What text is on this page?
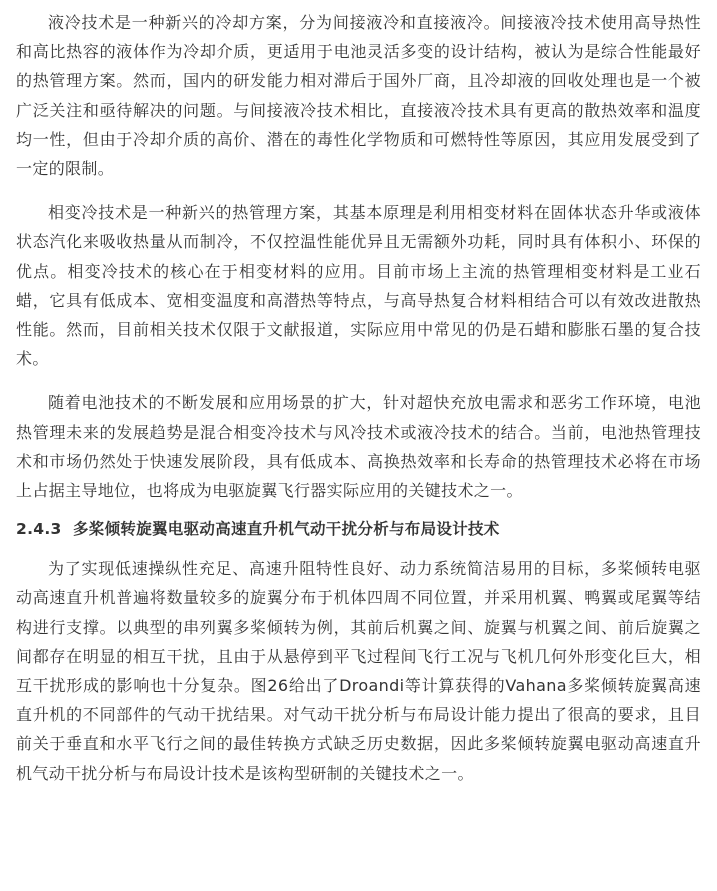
液冷技术是一种新兴的冷却方案，分为间接液冷和直接液冷。间接液冷技术使用高导热性和高比热容的液体作为冷却介质，更适用于电池灵活多变的设计结构，被认为是综合性能最好的热管理方案。然而，国内的研发能力相对滞后于国外厂商，且冷却液的回收处理也是一个被广泛关注和亟待解决的问题。与间接液冷技术相比，直接液冷技术具有更高的散热效率和温度均一性，但由于冷却介质的高价、潜在的毒性化学物质和可燃特性等原因，其应用发展受到了一定的限制。

相变冷技术是一种新兴的热管理方案，其基本原理是利用相变材料在固体状态升华或液体状态汽化来吸收热量从而制冷，不仅控温性能优异且无需额外功耗，同时具有体积小、环保的优点。相变冷技术的核心在于相变材料的应用。目前市场上主流的热管理相变材料是工业石蜡，它具有低成本、宽相变温度和高潜热等特点，与高导热复合材料相结合可以有效改进散热性能。然而，目前相关技术仅限于文献报道，实际应用中常见的仍是石蜡和膨胀石墨的复合技术。

随着电池技术的不断发展和应用场景的扩大，针对超快充放电需求和恶劣工作环境，电池热管理未来的发展趋势是混合相变冷技术与风冷技术或液冷技术的结合。当前，电池热管理技术和市场仍然处于快速发展阶段，具有低成本、高换热效率和长寿命的热管理技术必将在市场上占据主导地位，也将成为电驱旋翼飞行器实际应用的关键技术之一。

2.4.3 多桨倾转旋翼电驱动高速直升机气动干扰分析与布局设计技术

为了实现低速操纵性充足、高速升阻特性良好、动力系统简洁易用的目标，多桨倾转电驱动高速直升机普遍将数量较多的旋翼分布于机体四周不同位置，并采用机翼、鸭翼或尾翼等结构进行支撑。以典型的串列翼多桨倾转为例，其前后机翼之间、旋翼与机翼之间、前后旋翼之间都存在明显的相互干扰，且由于从悬停到平飞过程间飞行工况与飞机几何外形变化巨大，相互干扰形成的影响也十分复杂。图26给出了Droandi等计算获得的Vahana多桨倾转旋翼高速直升机的不同部件的气动干扰结果。对气动干扰分析与布局设计能力提出了很高的要求，且目前关于垂直和水平飞行之间的最佳转换方式缺乏历史数据，因此多桨倾转旋翼电驱动高速直升机气动干扰分析与布局设计技术是该构型研制的关键技术之一。
